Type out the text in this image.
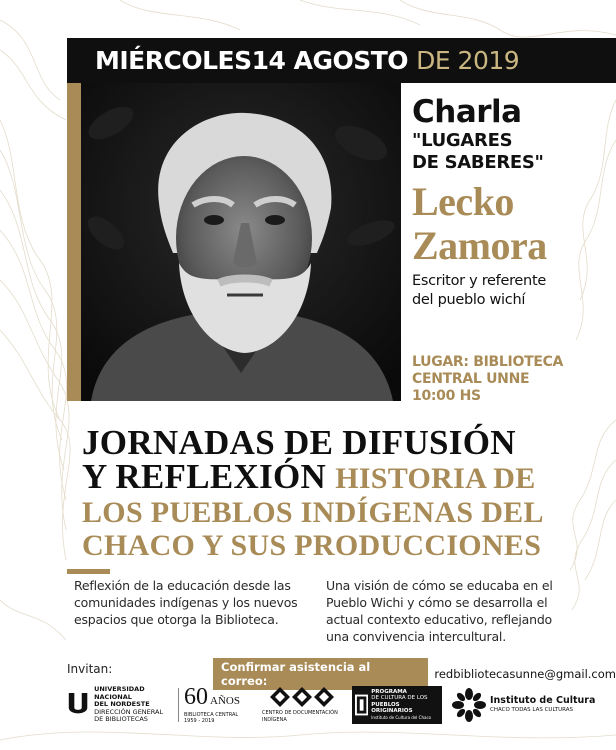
MIÉRCOLES 14 AGOSTO DE 2019
Charla
"LUGARES
DE SABERES"
Lecko
Zamora
Escritor y referente
del pueblo wichí
LUGAR: BIBLIOTECA
CENTRAL UNNE
10:00 HS
JORNADAS DE DIFUSIÓN
Y REFLEXIÓN HISTORIA DE
LOS PUEBLOS INDÍGENAS DEL
CHACO Y SUS PRODUCCIONES
Reflexión de la educación desde las comunidades indígenas y los nuevos espacios que otorga la Biblioteca.
Una visión de cómo se educaba en el Pueblo Wichi y cómo se desarrolla el actual contexto educativo, reflejando una convivencia intercultural.
Invitan:	Confirmar asistencia al correo:	redbibliotecasunne@gmail.com
UNIVERSIDAD NACIONAL
DEL NORDESTE
DIRECCIÓN GENERAL
DE BIBLIOTECAS
60 AÑOS
BIBLIOTECA CENTRAL
1959 - 2019
CENTRO DE DOCUMENTACIÓN INDÍGENA
PROGRAMA
DE CULTURA DE LOS
PUEBLOS ORIGINARIOS
Instituto de Cultura del Chaco
Instituto de Cultura
CHACO TODAS LAS CULTURAS
